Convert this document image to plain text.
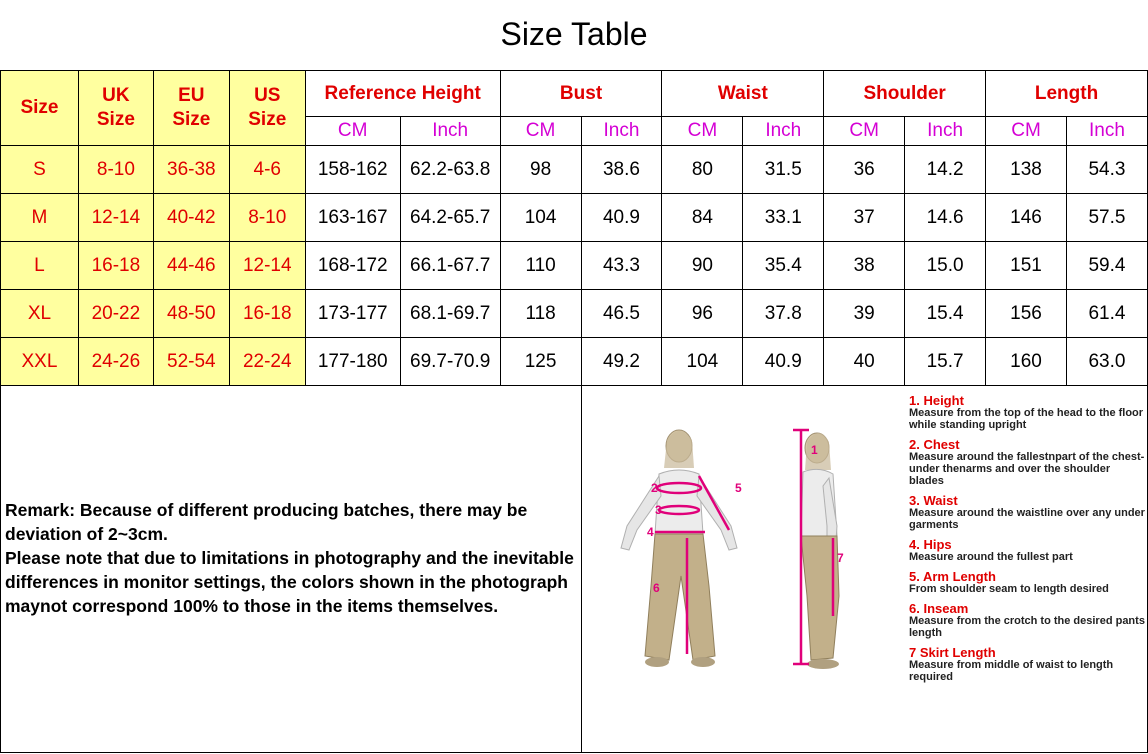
Size Table
Size	UK Size	EU Size	US Size	Reference Height		Bust		Waist		Shoulder		Length	
				CM	Inch	CM	Inch	CM	Inch	CM	Inch	CM	Inch
S	8-10	36-38	4-6	158-162	62.2-63.8	98	38.6	80	31.5	36	14.2	138	54.3
M	12-14	40-42	8-10	163-167	64.2-65.7	104	40.9	84	33.1	37	14.6	146	57.5
L	16-18	44-46	12-14	168-172	66.1-67.7	110	43.3	90	35.4	38	15.0	151	59.4
XL	20-22	48-50	16-18	173-177	68.1-69.7	118	46.5	96	37.8	39	15.4	156	61.4
XXL	24-26	52-54	22-24	177-180	69.7-70.9	125	49.2	104	40.9	40	15.7	160	63.0

Remark: Because of different producing batches, there may be deviation of 2~3cm.

Please note that due to limitations in photography and the inevitable differences in monitor settings, the colors shown in the photograph maynot correspond 100% to those in the items themselves.

2
3
4
5
6
1
7
1. Height
Measure from the top of the head to the floor while standing upright
2. Chest
Measure around the fallestnpart of the chest-under thenarms and over the shoulder blades
3. Waist
Measure around the waistline over any under garments
4. Hips
Measure around the fullest part
5. Arm Length
From shoulder seam to length desired
6. Inseam
Measure from the crotch to the desired pants length
7 Skirt Length
Measure from middle of waist to length required
